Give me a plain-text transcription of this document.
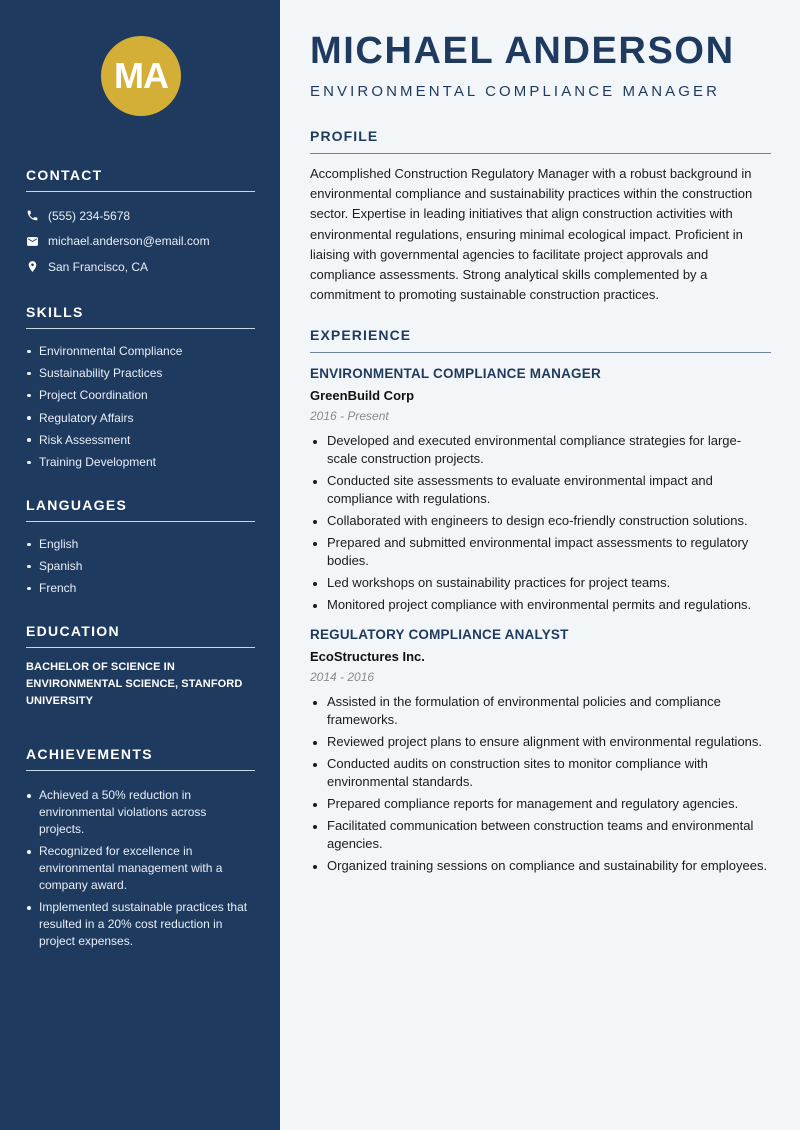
MA
CONTACT
(555) 234-5678
michael.anderson@email.com
San Francisco, CA
SKILLS
Environmental Compliance
Sustainability Practices
Project Coordination
Regulatory Affairs
Risk Assessment
Training Development
LANGUAGES
English
Spanish
French
EDUCATION

BACHELOR OF SCIENCE IN ENVIRONMENTAL SCIENCE, STANFORD UNIVERSITY

ACHIEVEMENTS
Achieved a 50% reduction in environmental violations across projects.
Recognized for excellence in environmental management with a company award.
Implemented sustainable practices that resulted in a 20% cost reduction in project expenses.
MICHAEL ANDERSON
ENVIRONMENTAL COMPLIANCE MANAGER
PROFILE

Accomplished Construction Regulatory Manager with a robust background in environmental compliance and sustainability practices within the construction sector. Expertise in leading initiatives that align construction activities with environmental regulations, ensuring minimal ecological impact. Proficient in liaising with governmental agencies to facilitate project approvals and compliance assessments. Strong analytical skills complemented by a commitment to promoting sustainable construction practices.

EXPERIENCE
ENVIRONMENTAL COMPLIANCE MANAGER
GreenBuild Corp
2016 - Present
Developed and executed environmental compliance strategies for large-scale construction projects.
Conducted site assessments to evaluate environmental impact and compliance with regulations.
Collaborated with engineers to design eco-friendly construction solutions.
Prepared and submitted environmental impact assessments to regulatory bodies.
Led workshops on sustainability practices for project teams.
Monitored project compliance with environmental permits and regulations.
REGULATORY COMPLIANCE ANALYST
EcoStructures Inc.
2014 - 2016
Assisted in the formulation of environmental policies and compliance frameworks.
Reviewed project plans to ensure alignment with environmental regulations.
Conducted audits on construction sites to monitor compliance with environmental standards.
Prepared compliance reports for management and regulatory agencies.
Facilitated communication between construction teams and environmental agencies.
Organized training sessions on compliance and sustainability for employees.
